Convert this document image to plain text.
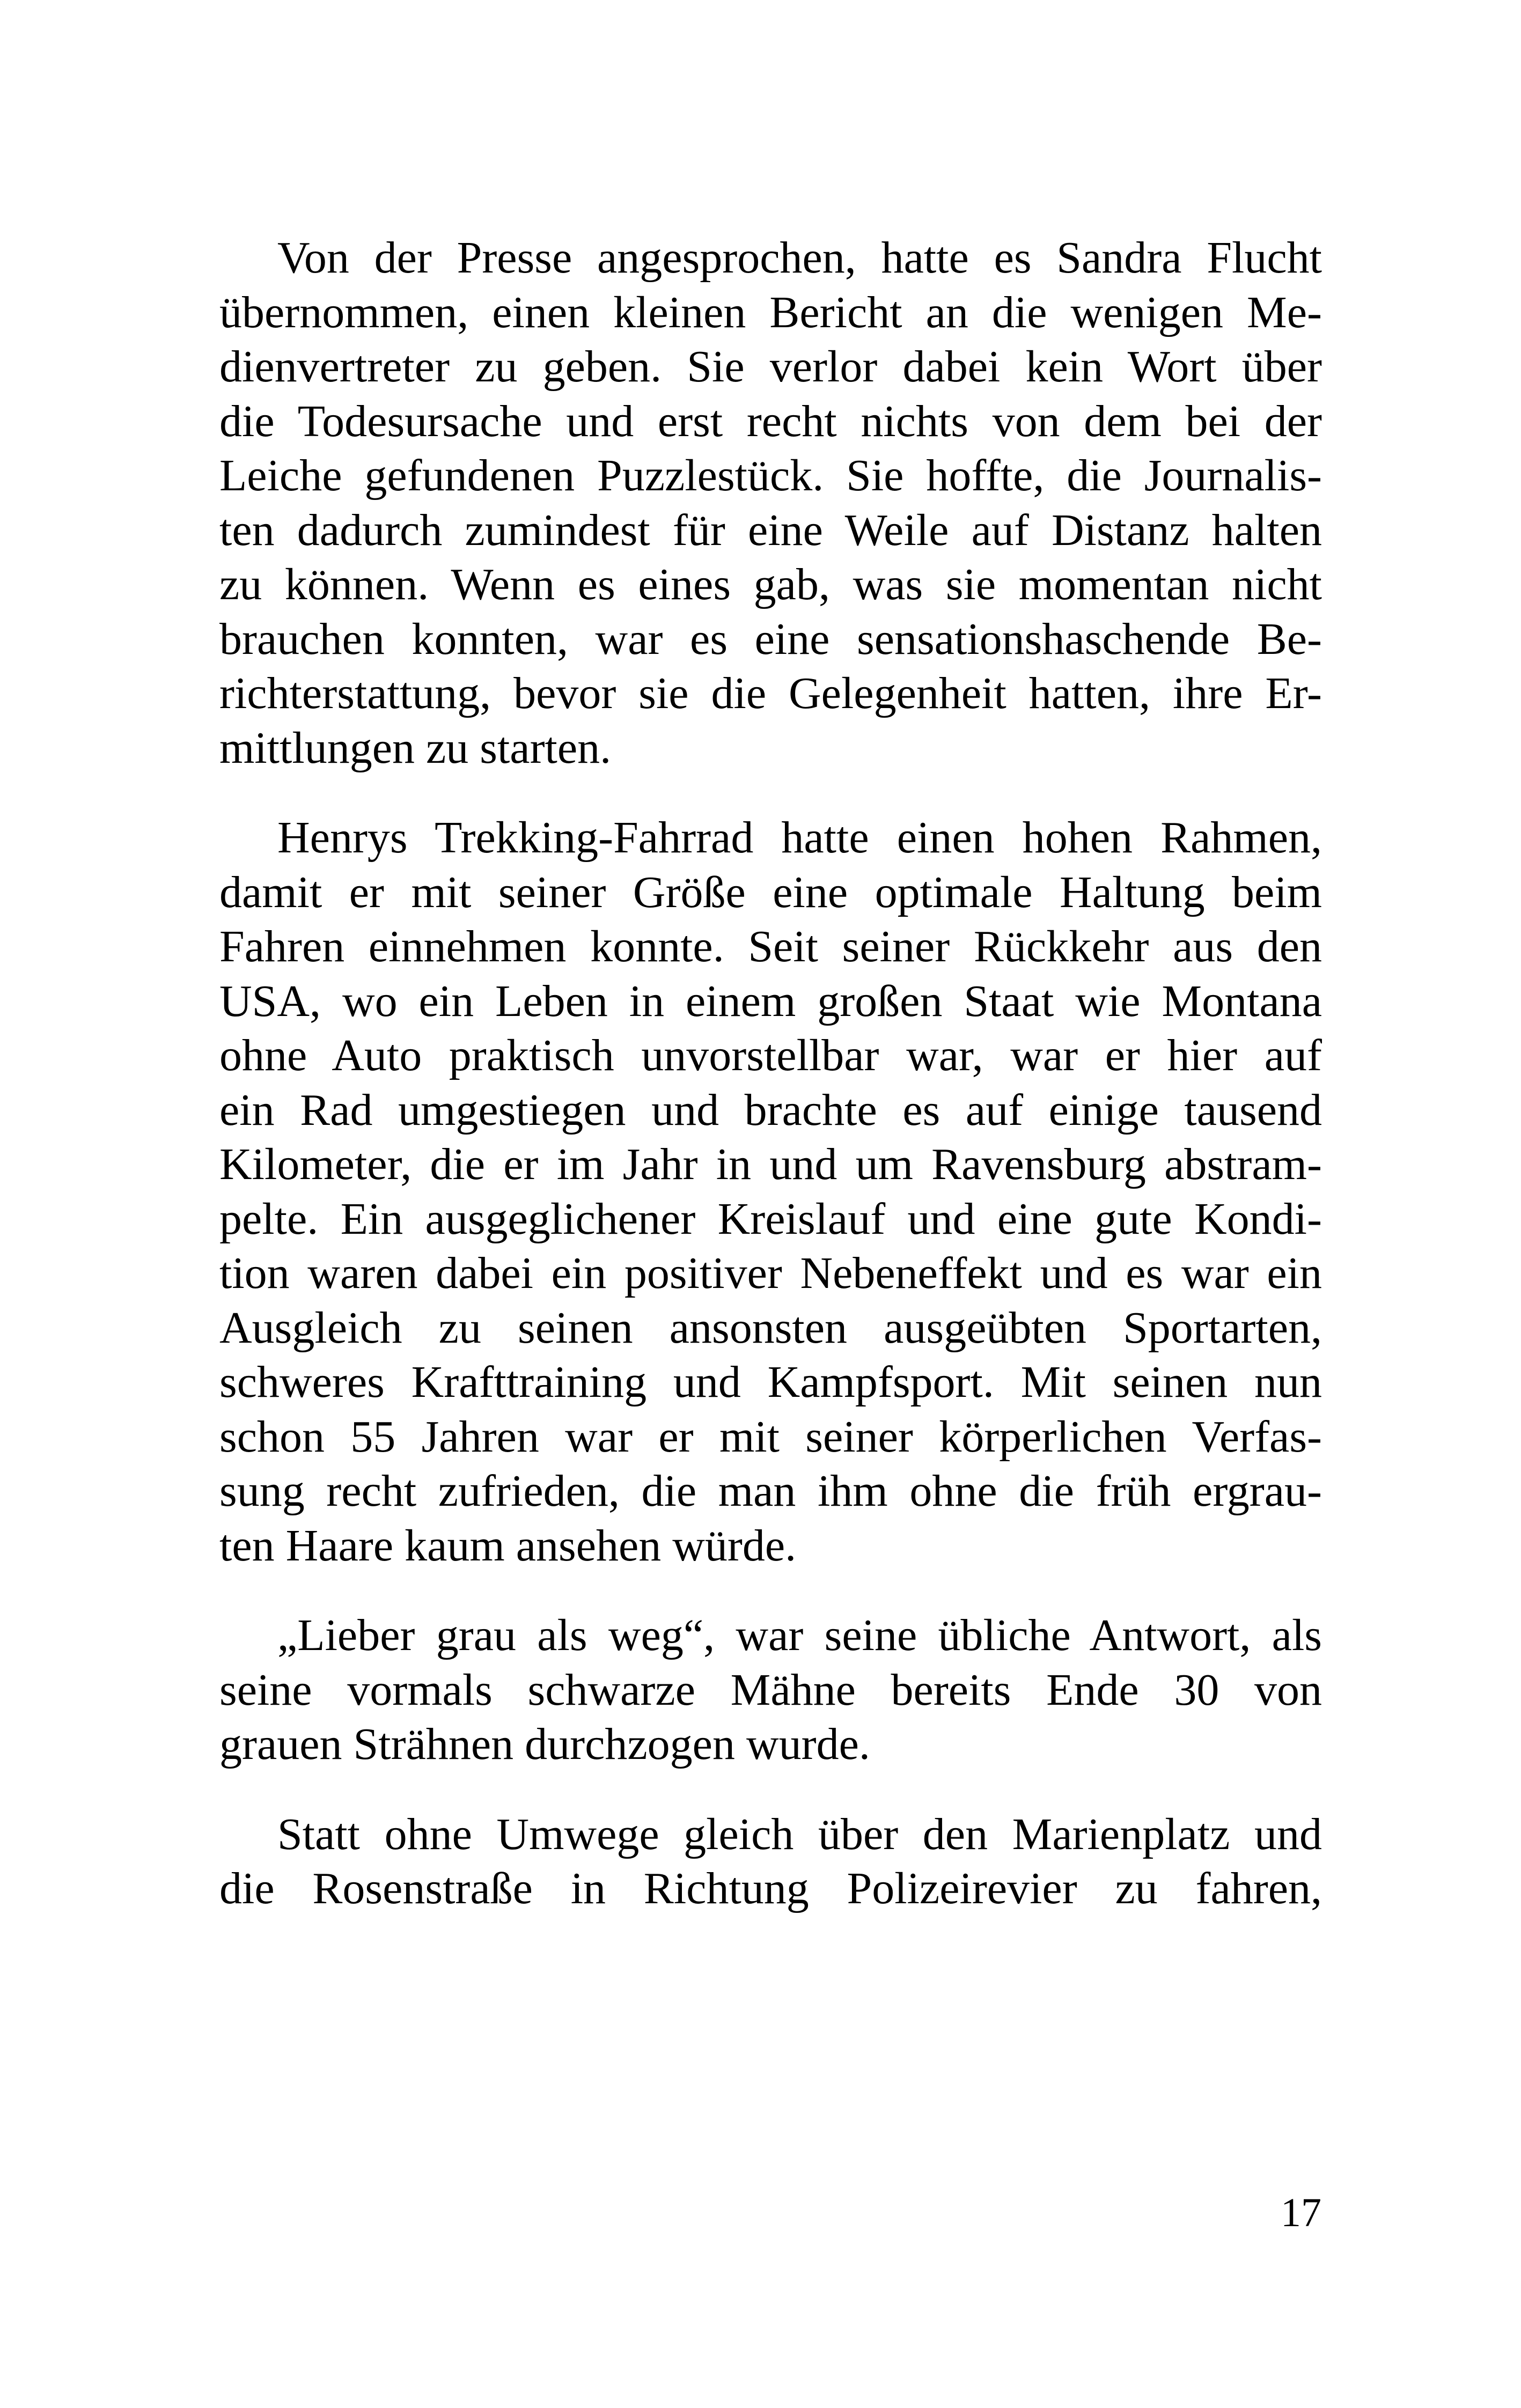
Von der Presse angesprochen, hatte es Sandra Flucht
übernommen, einen kleinen Bericht an die wenigen Me-
dienvertreter zu geben. Sie verlor dabei kein Wort über
die Todesursache und erst recht nichts von dem bei der
Leiche gefundenen Puzzlestück. Sie hoffte, die Journalis-
ten dadurch zumindest für eine Weile auf Distanz halten
zu können. Wenn es eines gab, was sie momentan nicht
brauchen konnten, war es eine sensationshaschende Be-
richterstattung, bevor sie die Gelegenheit hatten, ihre Er-
mittlungen zu starten.
Henrys Trekking-Fahrrad hatte einen hohen Rahmen,
damit er mit seiner Größe eine optimale Haltung beim
Fahren einnehmen konnte. Seit seiner Rückkehr aus den
USA, wo ein Leben in einem großen Staat wie Montana
ohne Auto praktisch unvorstellbar war, war er hier auf
ein Rad umgestiegen und brachte es auf einige tausend
Kilometer, die er im Jahr in und um Ravensburg abstram-
pelte. Ein ausgeglichener Kreislauf und eine gute Kondi-
tion waren dabei ein positiver Nebeneffekt und es war ein
Ausgleich zu seinen ansonsten ausgeübten Sportarten,
schweres Krafttraining und Kampfsport. Mit seinen nun
schon 55 Jahren war er mit seiner körperlichen Verfas-
sung recht zufrieden, die man ihm ohne die früh ergrau-
ten Haare kaum ansehen würde.
„Lieber grau als weg“, war seine übliche Antwort, als
seine vormals schwarze Mähne bereits Ende 30 von
grauen Strähnen durchzogen wurde.
Statt ohne Umwege gleich über den Marienplatz und
die Rosenstraße in Richtung Polizeirevier zu fahren,
17
